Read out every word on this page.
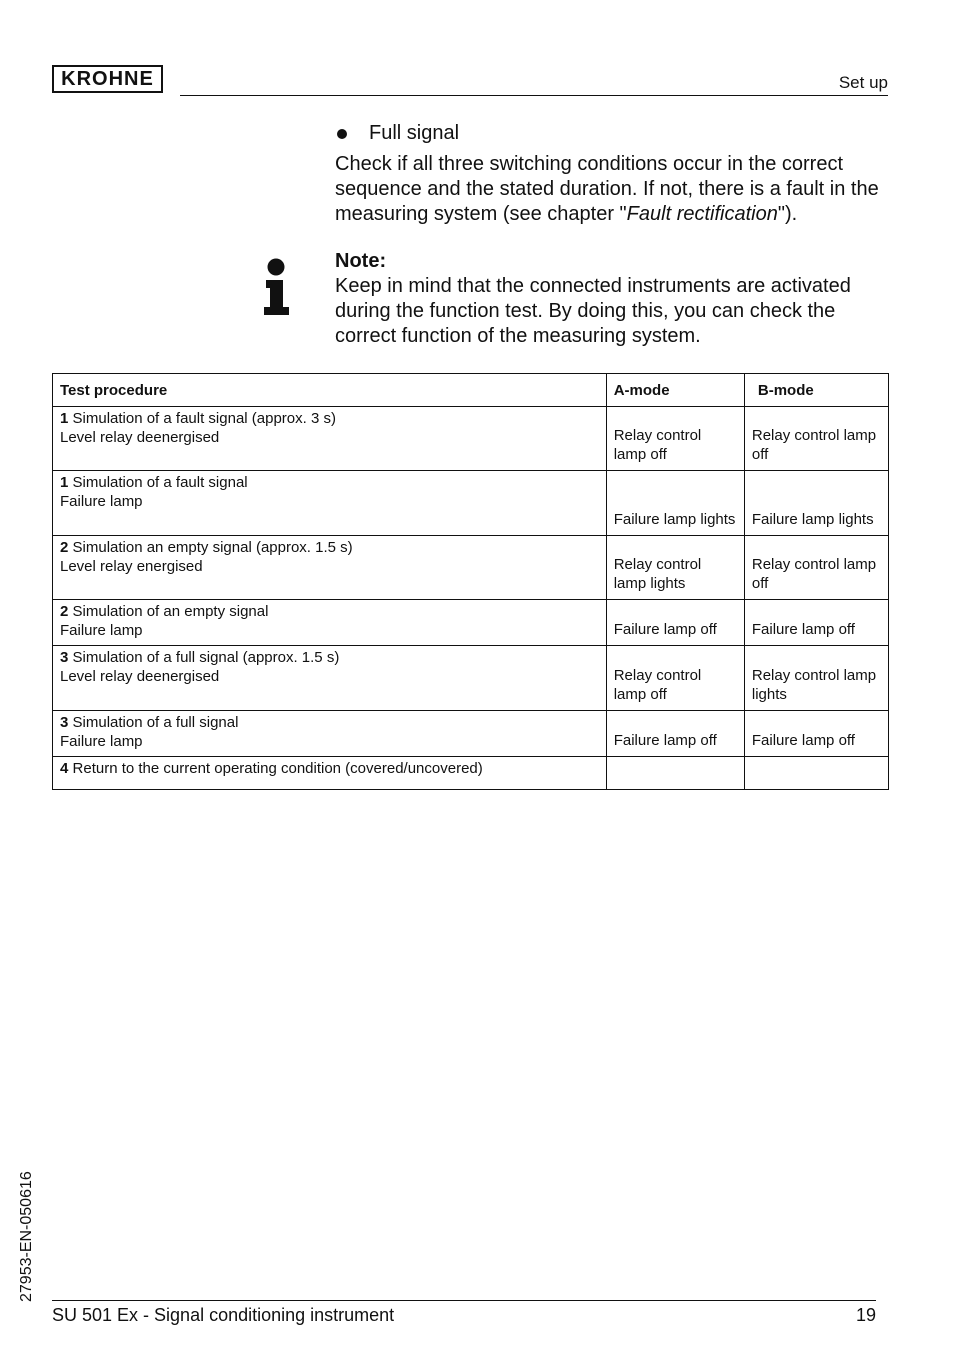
KROHNE	Set up
Full signal
Check if all three switching conditions occur in the correct sequence and the stated duration. If not, there is a fault in the measuring system (see chapter "Fault rectification").
Note:
Keep in mind that the connected instruments are activated during the function test. By doing this, you can check the correct function of the measuring system.
Test procedure	A-mode	B-mode
1 Simulation of a fault signal (approx. 3 s)
Level relay deenergised	Relay control lamp off	Relay control lamp off
1 Simulation of a fault signal
Failure lamp	Failure lamp lights	Failure lamp lights
2 Simulation an empty signal (approx. 1.5 s)
Level relay energised	Relay control lamp lights	Relay control lamp off
2 Simulation of an empty signal
Failure lamp	Failure lamp off	Failure lamp off
3 Simulation of a full signal (approx. 1.5 s)
Level relay deenergised	Relay control lamp off	Relay control lamp lights
3 Simulation of a full signal
Failure lamp	Failure lamp off	Failure lamp off
4 Return to the current operating condition (covered/uncovered)		
27953-EN-050616
SU 501 Ex - Signal conditioning instrument	19
